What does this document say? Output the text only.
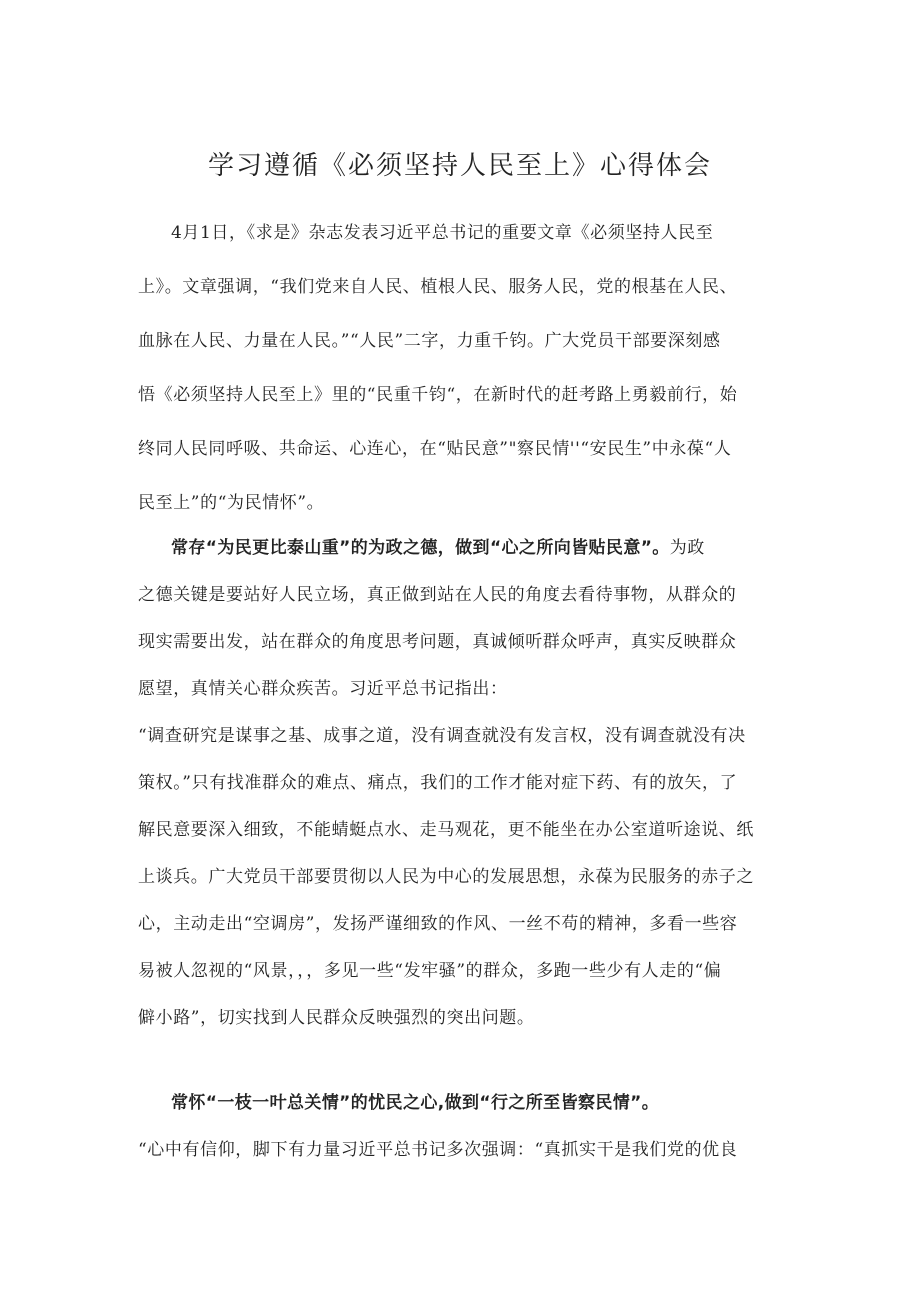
学习遵循《必须坚持人民至上》心得体会
4月1日，《求是》杂志发表习近平总书记的重要文章《必须坚持人民至
上》。文章强调，“我们党来自人民、植根人民、服务人民，党的根基在人民、
血脉在人民、力量在人民。”“人民”二字，力重千钧。广大党员干部要深刻感
悟《必须坚持人民至上》里的“民重千钧“，在新时代的赶考路上勇毅前行，始
终同人民同呼吸、共命运、心连心，在“贴民意”"察民情''“安民生”中永葆“人
民至上”的“为民情怀”。
常存“为民更比泰山重”的为政之德，做到“心之所向皆贴民意”。为政
之德关键是要站好人民立场，真正做到站在人民的角度去看待事物，从群众的
现实需要出发，站在群众的角度思考问题，真诚倾听群众呼声，真实反映群众
愿望，真情关心群众疾苦。习近平总书记指出：
“调查研究是谋事之基、成事之道，没有调查就没有发言权，没有调查就没有决
策权。”只有找准群众的难点、痛点，我们的工作才能对症下药、有的放矢，了
解民意要深入细致，不能蜻蜓点水、走马观花，更不能坐在办公室道听途说、纸
上谈兵。广大党员干部要贯彻以人民为中心的发展思想，永葆为民服务的赤子之
心，主动走出“空调房”，发扬严谨细致的作风、一丝不苟的精神，多看一些容
易被人忽视的“风景，，，多见一些“发牢骚”的群众，多跑一些少有人走的“偏
僻小路”，切实找到人民群众反映强烈的突出问题。
常怀“一枝一叶总关情”的忧民之心,做到“行之所至皆察民情”。
“心中有信仰，脚下有力量习近平总书记多次强调：“真抓实干是我们党的优良
